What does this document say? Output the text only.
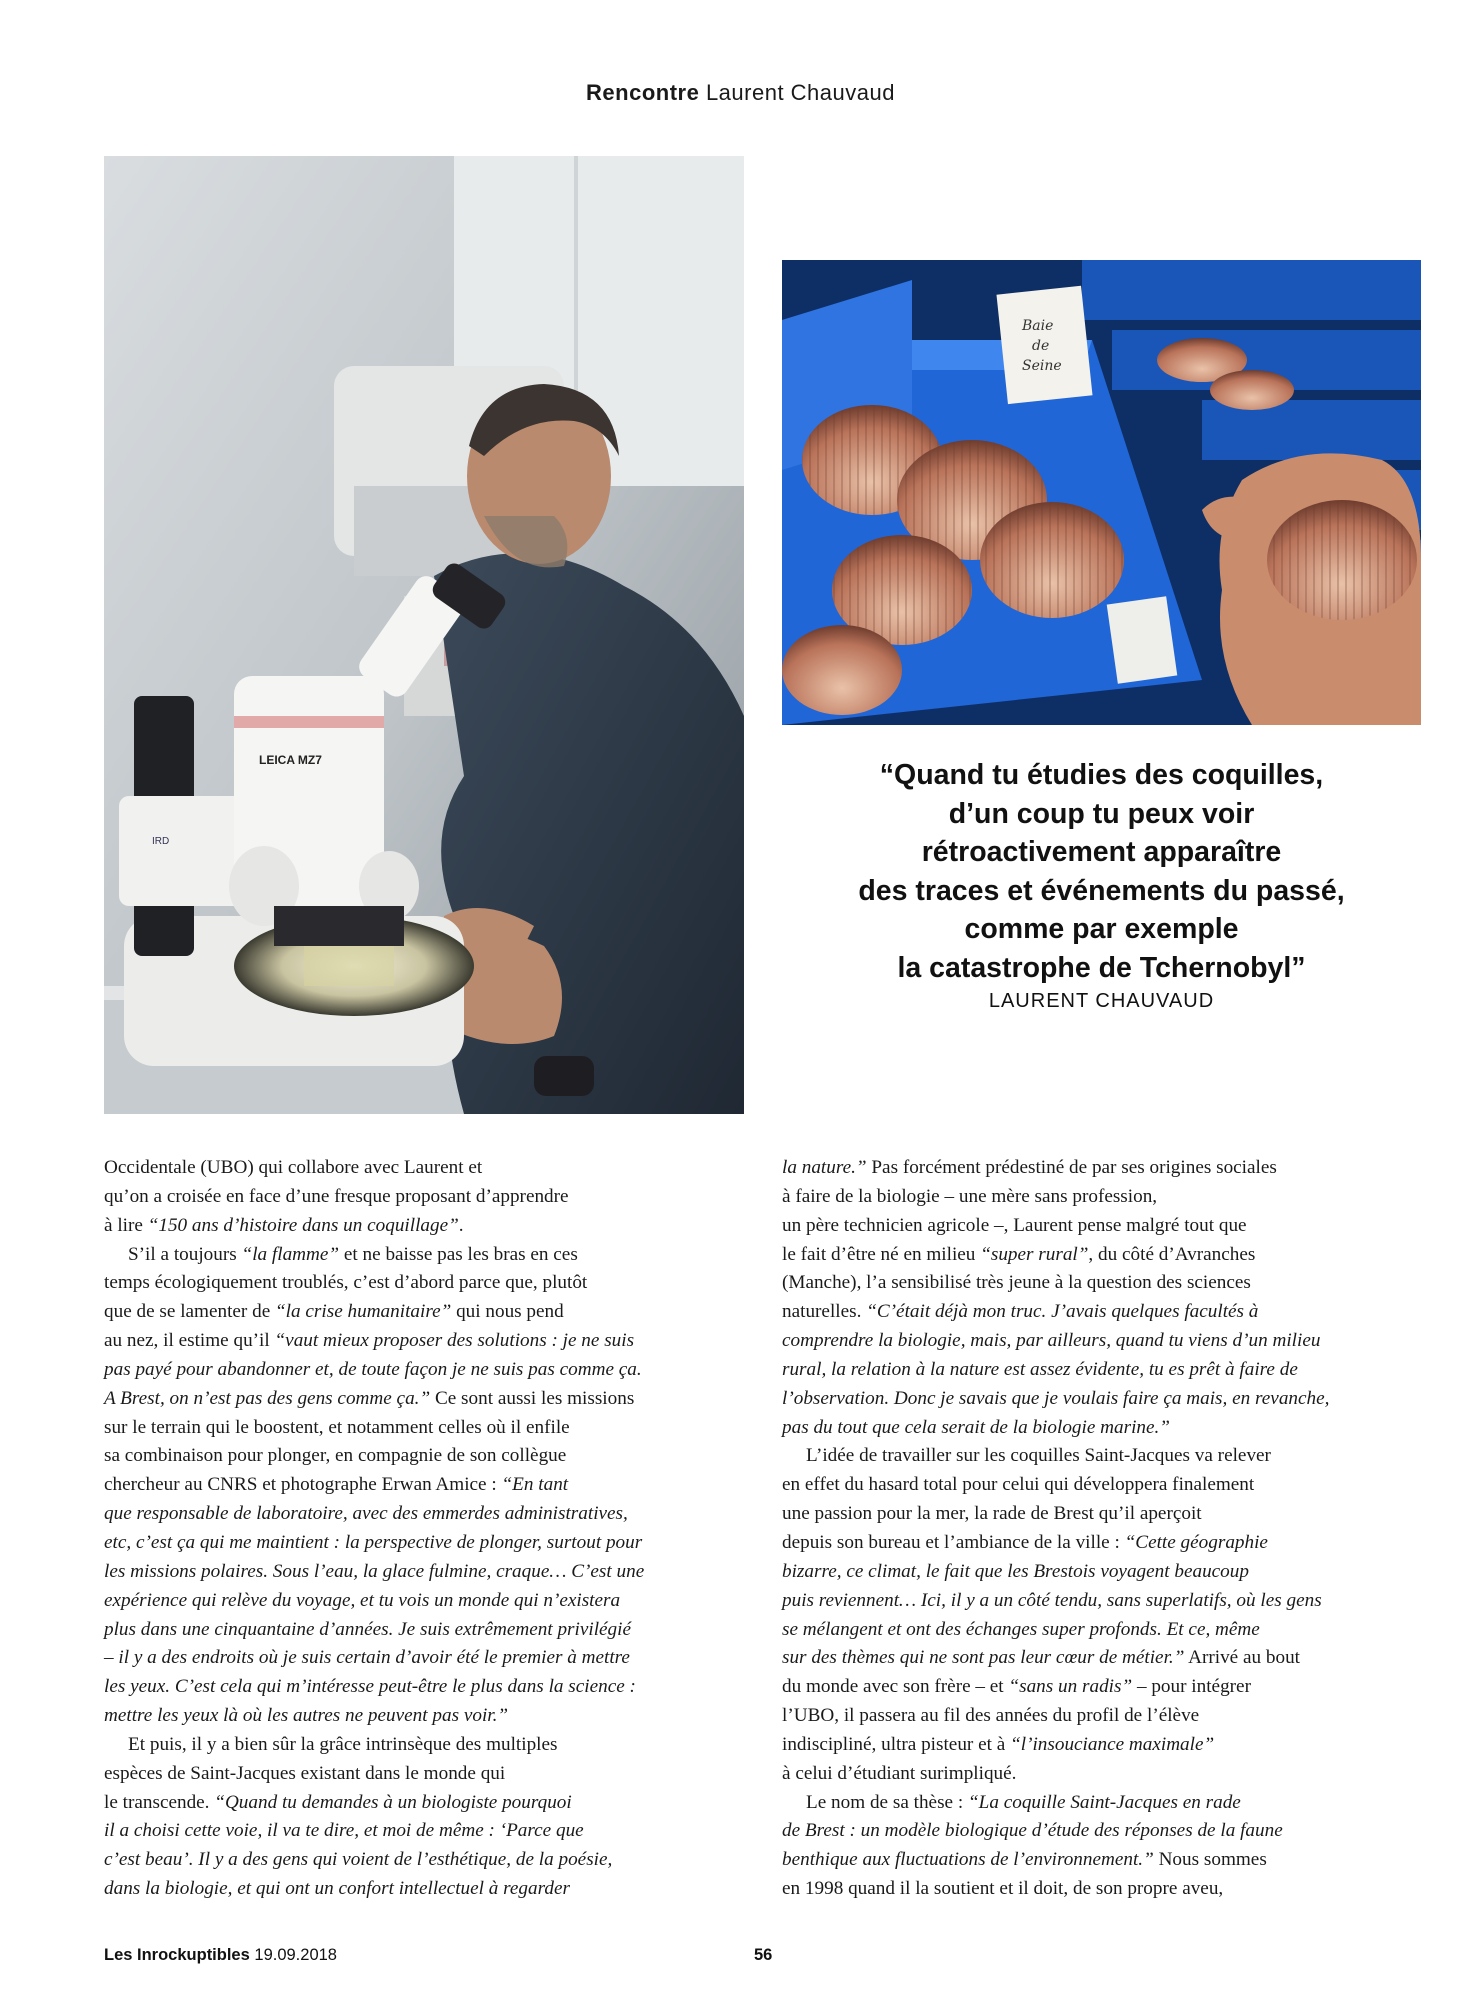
Rencontre Laurent Chauvaud
IRD
LEICA MZ7
Baie
de
Seine
“Quand tu étudies des coquilles,
d’un coup tu peux voir
rétroactivement apparaître
des traces et événements du passé,
comme par exemple
la catastrophe de Tchernobyl”
LAURENT CHAUVAUD
Occidentale (UBO) qui collabore avec Laurent et
qu’on a croisée en face d’une fresque proposant d’apprendre
à lire “150 ans d’histoire dans un coquillage”.
S’il a toujours “la flamme” et ne baisse pas les bras en ces
temps écologiquement troublés, c’est d’abord parce que, plutôt
que de se lamenter de “la crise humanitaire” qui nous pend
au nez, il estime qu’il “vaut mieux proposer des solutions : je ne suis
pas payé pour abandonner et, de toute façon je ne suis pas comme ça.
A Brest, on n’est pas des gens comme ça.” Ce sont aussi les missions
sur le terrain qui le boostent, et notamment celles où il enfile
sa combinaison pour plonger, en compagnie de son collègue
chercheur au CNRS et photographe Erwan Amice : “En tant
que responsable de laboratoire, avec des emmerdes administratives,
etc, c’est ça qui me maintient : la perspective de plonger, surtout pour
les missions polaires. Sous l’eau, la glace fulmine, craque… C’est une
expérience qui relève du voyage, et tu vois un monde qui n’existera
plus dans une cinquantaine d’années. Je suis extrêmement privilégié
– il y a des endroits où je suis certain d’avoir été le premier à mettre
les yeux. C’est cela qui m’intéresse peut-être le plus dans la science :
mettre les yeux là où les autres ne peuvent pas voir.”
Et puis, il y a bien sûr la grâce intrinsèque des multiples
espèces de Saint-Jacques existant dans le monde qui
le transcende. “Quand tu demandes à un biologiste pourquoi
il a choisi cette voie, il va te dire, et moi de même : ‘Parce que
c’est beau’. Il y a des gens qui voient de l’esthétique, de la poésie,
dans la biologie, et qui ont un confort intellectuel à regarder
la nature.” Pas forcément prédestiné de par ses origines sociales
à faire de la biologie – une mère sans profession,
un père technicien agricole –, Laurent pense malgré tout que
le fait d’être né en milieu “super rural”, du côté d’Avranches
(Manche), l’a sensibilisé très jeune à la question des sciences
naturelles. “C’était déjà mon truc. J’avais quelques facultés à
comprendre la biologie, mais, par ailleurs, quand tu viens d’un milieu
rural, la relation à la nature est assez évidente, tu es prêt à faire de
l’observation. Donc je savais que je voulais faire ça mais, en revanche,
pas du tout que cela serait de la biologie marine.”
L’idée de travailler sur les coquilles Saint-Jacques va relever
en effet du hasard total pour celui qui développera finalement
une passion pour la mer, la rade de Brest qu’il aperçoit
depuis son bureau et l’ambiance de la ville : “Cette géographie
bizarre, ce climat, le fait que les Brestois voyagent beaucoup
puis reviennent… Ici, il y a un côté tendu, sans superlatifs, où les gens
se mélangent et ont des échanges super profonds. Et ce, même
sur des thèmes qui ne sont pas leur cœur de métier.” Arrivé au bout
du monde avec son frère – et “sans un radis” – pour intégrer
l’UBO, il passera au fil des années du profil de l’élève
indiscipliné, ultra pisteur et à “l’insouciance maximale”
à celui d’étudiant surimpliqué.
Le nom de sa thèse : “La coquille Saint-Jacques en rade
de Brest : un modèle biologique d’étude des réponses de la faune
benthique aux fluctuations de l’environnement.” Nous sommes
en 1998 quand il la soutient et il doit, de son propre aveu,
Les Inrockuptibles 19.09.2018	56
